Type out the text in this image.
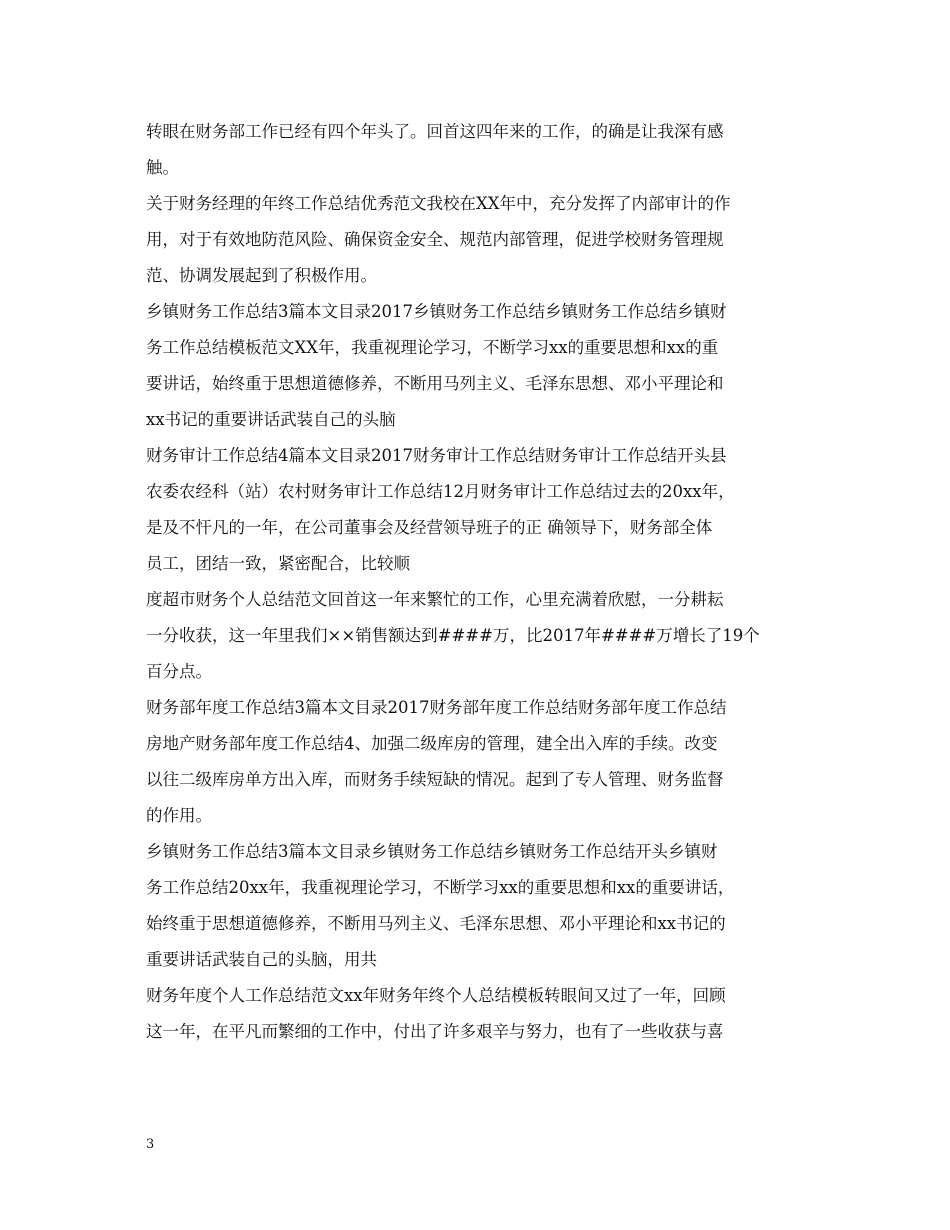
转眼在财务部工作已经有四个年头了。回首这四年来的工作，的确是让我深有感
触。
关于财务经理的年终工作总结优秀范文我校在XX年中，充分发挥了内部审计的作
用，对于有效地防范风险、确保资金安全、规范内部管理，促进学校财务管理规
范、协调发展起到了积极作用。
乡镇财务工作总结3篇本文目录2017乡镇财务工作总结乡镇财务工作总结乡镇财
务工作总结模板范文XX年，我重视理论学习，不断学习xx的重要思想和xx的重
要讲话，始终重于思想道德修养，不断用马列主义、毛泽东思想、邓小平理论和
xx书记的重要讲话武装自己的头脑
财务审计工作总结4篇本文目录2017财务审计工作总结财务审计工作总结开头县
农委农经科（站）农村财务审计工作总结12月财务审计工作总结过去的20xx年，
是及不忓凡的一年，在公司董事会及经营领导班子的正 确领导下，财务部全体
员工，团结一致，紧密配合，比较顺
度超市财务个人总结范文回首这一年来繁忙的工作，心里充满着欣慰，一分耕耘
一分收获，这一年里我们××销售额达到####万，比2017年####万增长了19个
百分点。
财务部年度工作总结3篇本文目录2017财务部年度工作总结财务部年度工作总结
房地产财务部年度工作总结4、加强二级库房的管理，建全出入库的手续。改变
以往二级库房单方出入库，而财务手续短缺的情况。起到了专人管理、财务监督
的作用。
乡镇财务工作总结3篇本文目录乡镇财务工作总结乡镇财务工作总结开头乡镇财
务工作总结20xx年，我重视理论学习，不断学习xx的重要思想和xx的重要讲话，
始终重于思想道德修养，不断用马列主义、毛泽东思想、邓小平理论和xx书记的
重要讲话武装自己的头脑，用共
财务年度个人工作总结范文xx年财务年终个人总结模板转眼间又过了一年，回顾
这一年，在平凡而繁细的工作中，付出了许多艰辛与努力，也有了一些收获与喜
3
